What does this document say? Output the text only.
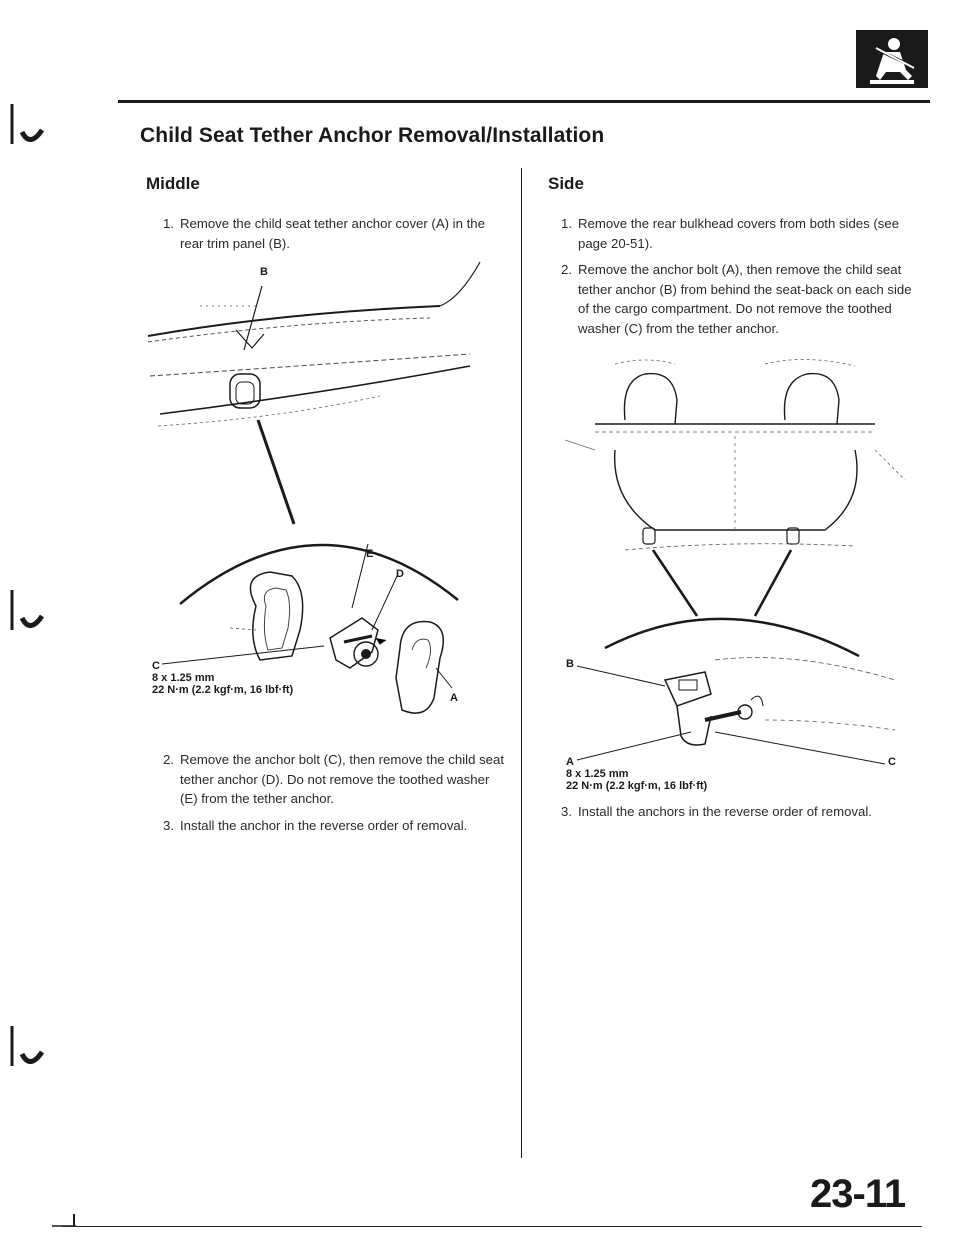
Child Seat Tether Anchor Removal/Installation
Middle
1. Remove the child seat tether anchor cover (A) in the rear trim panel (B).
B
E
D
C
A
8 x 1.25 mm
22 N·m (2.2 kgf·m, 16 lbf·ft)
2. Remove the anchor bolt (C), then remove the child seat tether anchor (D). Do not remove the toothed washer (E) from the tether anchor.
3. Install the anchor in the reverse order of removal.
Side
1. Remove the rear bulkhead covers from both sides (see page 20-51).
2. Remove the anchor bolt (A), then remove the child seat tether anchor (B) from behind the seat-back on each side of the cargo compartment. Do not remove the toothed washer (C) from the tether anchor.
B
A	C
8 x 1.25 mm
22 N·m (2.2 kgf·m, 16 lbf·ft)
3. Install the anchors in the reverse order of removal.
23-11
